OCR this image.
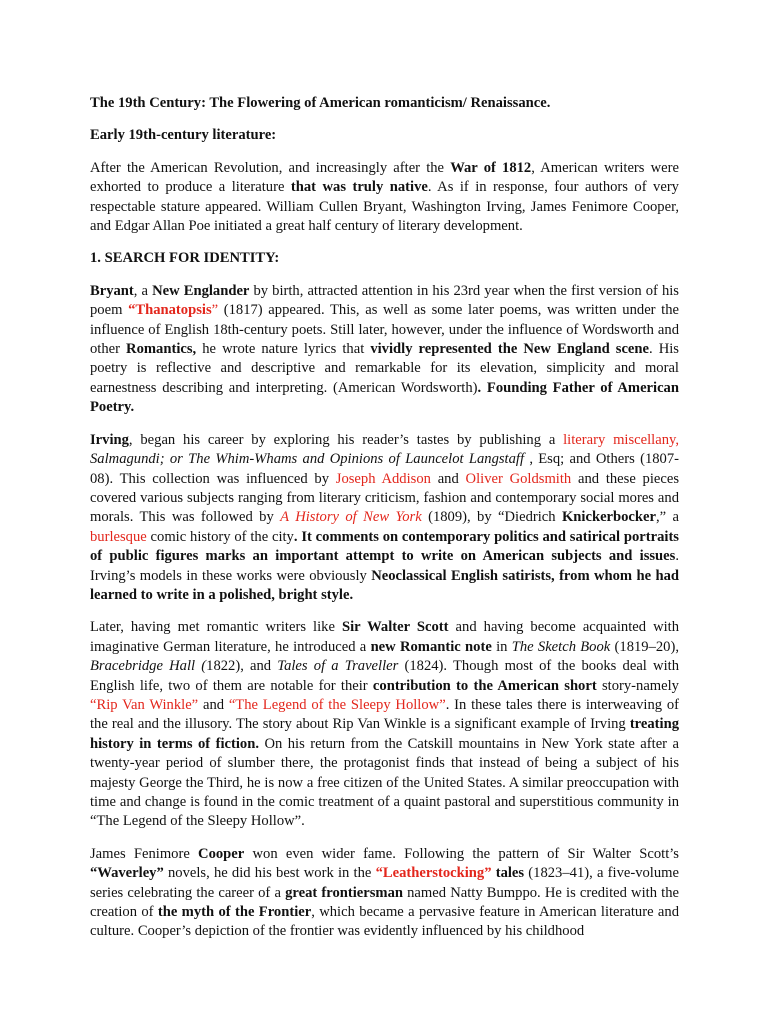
The 19th Century: The Flowering of American romanticism/ Renaissance.

Early 19th-century literature:

After the American Revolution, and increasingly after the War of 1812, American writers were exhorted to produce a literature that was truly native. As if in response, four authors of very respectable stature appeared. William Cullen Bryant, Washington Irving, James Fenimore Cooper, and Edgar Allan Poe initiated a great half century of literary development.

1. SEARCH FOR IDENTITY:

Bryant, a New Englander by birth, attracted attention in his 23rd year when the first version of his poem “Thanatopsis” (1817) appeared. This, as well as some later poems, was written under the influence of English 18th-century poets. Still later, however, under the influence of Wordsworth and other Romantics, he wrote nature lyrics that vividly represented the New England scene. His poetry is reflective and descriptive and remarkable for its elevation, simplicity and moral earnestness describing and interpreting. (American Wordsworth). Founding Father of American Poetry.

Irving, began his career by exploring his reader’s tastes by publishing a literary miscellany, Salmagundi; or The Whim-Whams and Opinions of Launcelot Langstaff , Esq; and Others (1807-08). This collection was influenced by Joseph Addison and Oliver Goldsmith and these pieces covered various subjects ranging from literary criticism, fashion and contemporary social mores and morals. This was followed by A History of New York (1809), by “Diedrich Knickerbocker,” a burlesque comic history of the city. It comments on contemporary politics and satirical portraits of public figures marks an important attempt to write on American subjects and issues. Irving’s models in these works were obviously Neoclassical English satirists, from whom he had learned to write in a polished, bright style.

Later, having met romantic writers like Sir Walter Scott and having become acquainted with imaginative German literature, he introduced a new Romantic note in The Sketch Book (1819–20), Bracebridge Hall (1822), and Tales of a Traveller (1824). Though most of the books deal with English life, two of them are notable for their contribution to the American short story-namely “Rip Van Winkle” and “The Legend of the Sleepy Hollow”. In these tales there is interweaving of the real and the illusory. The story about Rip Van Winkle is a significant example of Irving treating history in terms of fiction. On his return from the Catskill mountains in New York state after a twenty-year period of slumber there, the protagonist finds that instead of being a subject of his majesty George the Third, he is now a free citizen of the United States. A similar preoccupation with time and change is found in the comic treatment of a quaint pastoral and superstitious community in “The Legend of the Sleepy Hollow”.

James Fenimore Cooper won even wider fame. Following the pattern of Sir Walter Scott’s “Waverley” novels, he did his best work in the “Leatherstocking” tales (1823–41), a five-volume series celebrating the career of a great frontiersman named Natty Bumppo. He is credited with the creation of the myth of the Frontier, which became a pervasive feature in American literature and culture. Cooper’s depiction of the frontier was evidently influenced by his childhood
